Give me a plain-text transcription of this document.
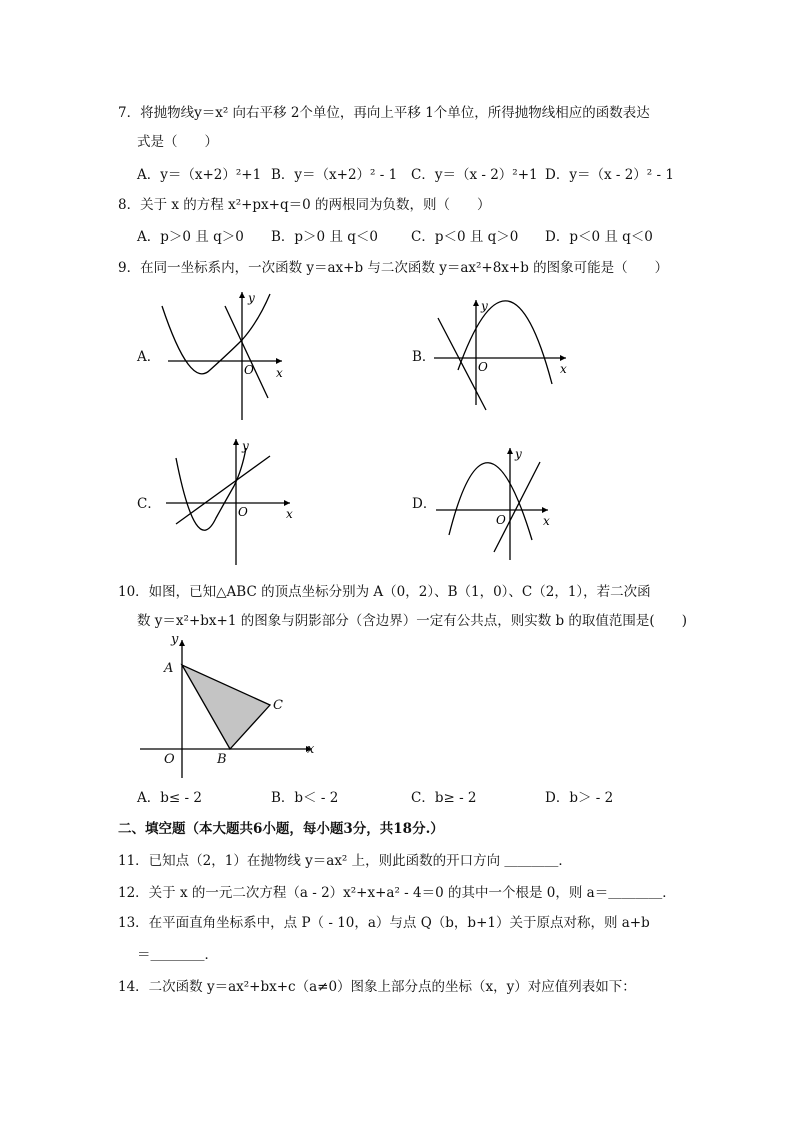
7．将抛物线y＝x² 向右平移 2个单位，再向上平移 1个单位，所得抛物线相应的函数表达
式是（　　）
A．y＝（x+2）²+1 B．y＝（x+2）² - 1 C．y＝（x - 2）²+1 D．y＝（x - 2）² - 1
8．关于 x 的方程 x²+px+q＝0 的两根同为负数，则（　　）
A．p＞0 且 q＞0 B．p＞0 且 q＜0 C．p＜0 且 q＞0 D．p＜0 且 q＜0
9．在同一坐标系内，一次函数 y＝ax+b 与二次函数 y＝ax²+8x+b 的图象可能是（　　）
A．
x
y
O
B．
x
y
O
C．
x
y
O	D．
x
y
O
10．如图，已知△ABC 的顶点坐标分别为 A（0，2）、B（1，0）、C（2，1），若二次函
数 y＝x²+bx+1 的图象与阴影部分（含边界）一定有公共点，则实数 b 的取值范围是(　　)
y
A
C
x
O	B
A．b≤ - 2	B．b＜ - 2	C．b≥ - 2	D．b＞ - 2
二、填空题（本大题共6小题，每小题3分，共18分.）
11．已知点（2，1）在抛物线 y＝ax² 上，则此函数的开口方向 ＿＿＿＿．
12．关于 x 的一元二次方程（a - 2）x²+x+a² - 4＝0 的其中一个根是 0，则 a＝＿＿＿＿．
13．在平面直角坐标系中，点 P（ - 10，a）与点 Q（b，b+1）关于原点对称，则 a+b
＝＿＿＿＿．
14．二次函数 y＝ax²+bx+c（a≠0）图象上部分点的坐标（x，y）对应值列表如下：
